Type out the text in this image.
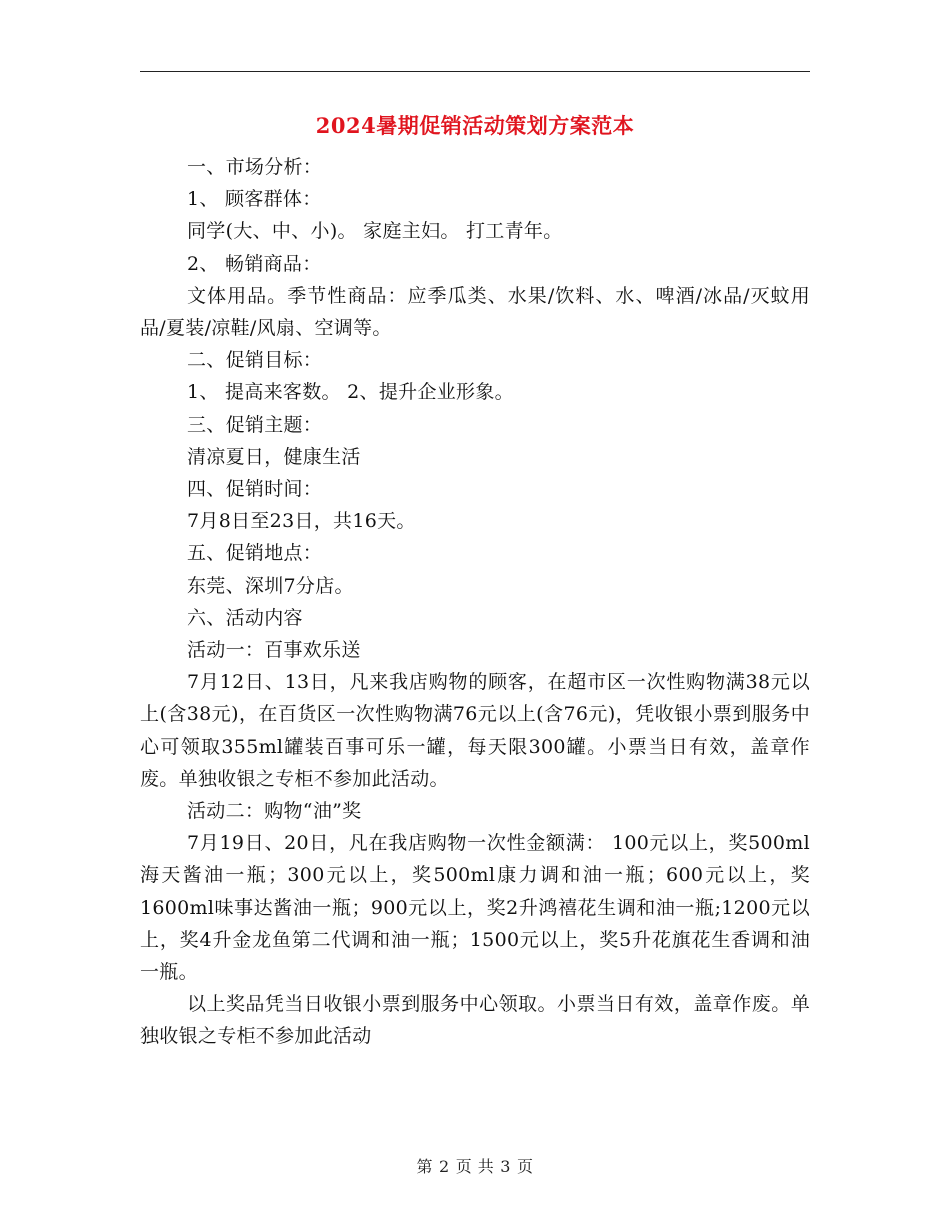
2024暑期促销活动策划方案范本

一、市场分析：

1、 顾客群体：

同学(大、中、小)。 家庭主妇。 打工青年。

2、 畅销商品：

文体用品。季节性商品：应季瓜类、水果/饮料、水、啤酒/冰品/灭蚊用品/夏装/凉鞋/风扇、空调等。

二、促销目标：

1、 提高来客数。 2、提升企业形象。

三、促销主题：

清凉夏日，健康生活

四、促销时间：

7月8日至23日，共16天。

五、促销地点：

东莞、深圳7分店。

六、活动内容

活动一：百事欢乐送

7月12日、13日，凡来我店购物的顾客，在超市区一次性购物满38元以上(含38元)，在百货区一次性购物满76元以上(含76元)，凭收银小票到服务中心可领取355ml罐装百事可乐一罐，每天限300罐。小票当日有效，盖章作废。单独收银之专柜不参加此活动。

活动二：购物“油”奖

7月19日、20日，凡在我店购物一次性金额满： 100元以上，奖500ml海天酱油一瓶；300元以上，奖500ml康力调和油一瓶；600元以上，奖1600ml味事达酱油一瓶；900元以上，奖2升鸿禧花生调和油一瓶;1200元以上，奖4升金龙鱼第二代调和油一瓶；1500元以上，奖5升花旗花生香调和油一瓶。

以上奖品凭当日收银小票到服务中心领取。小票当日有效，盖章作废。单独收银之专柜不参加此活动

第 2 页 共 3 页
